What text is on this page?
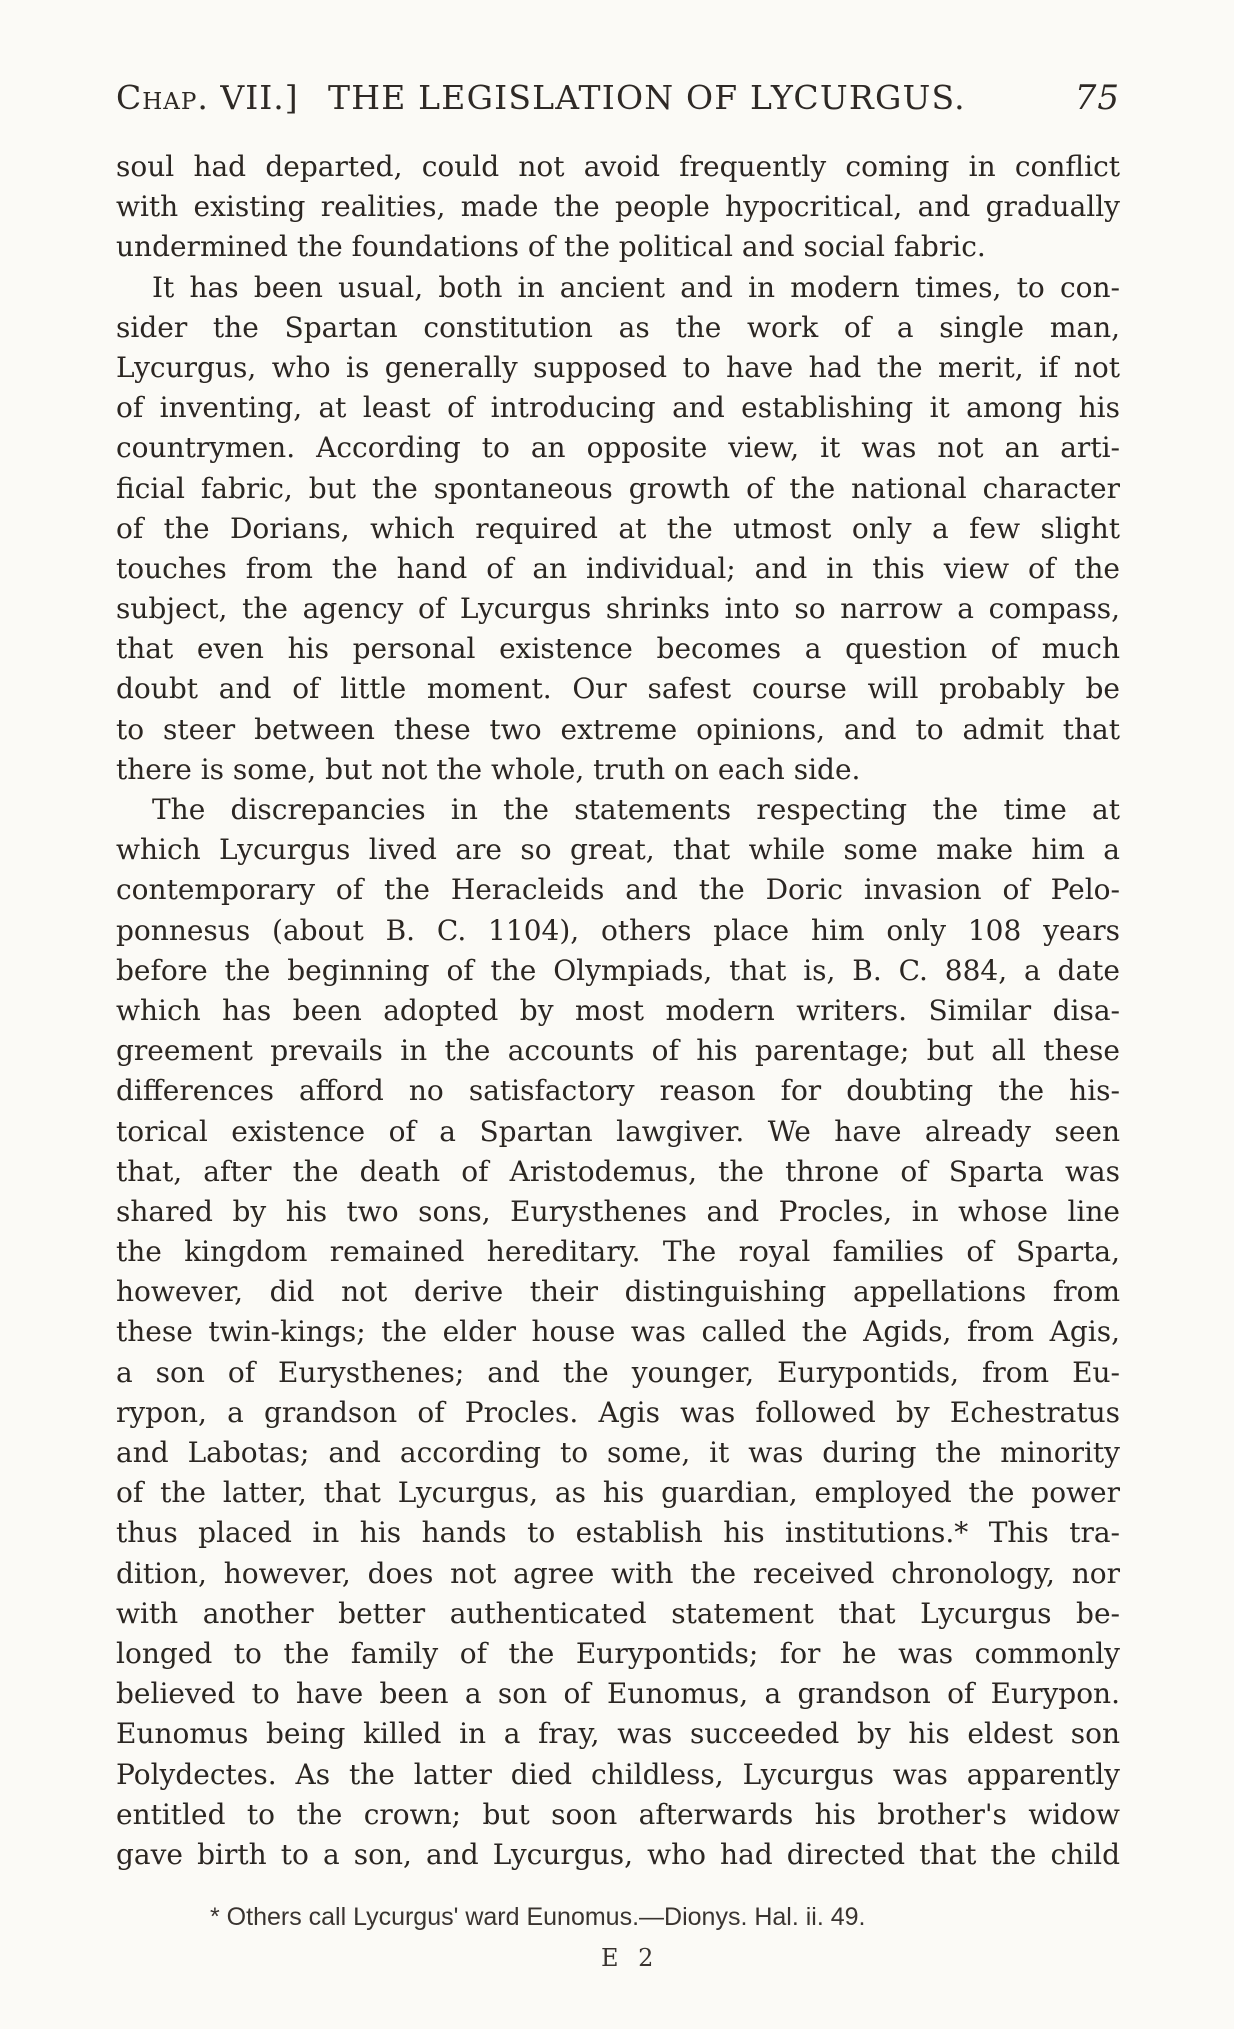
Chap. VII.] THE LEGISLATION OF LYCURGUS.	75
soul had departed, could not avoid frequently coming in conflict
with existing realities, made the people hypocritical, and gradually
undermined the foundations of the political and social fabric.
It has been usual, both in ancient and in modern times, to con-
sider the Spartan constitution as the work of a single man,
Lycurgus, who is generally supposed to have had the merit, if not
of inventing, at least of introducing and establishing it among his
countrymen. According to an opposite view, it was not an arti-
ficial fabric, but the spontaneous growth of the national character
of the Dorians, which required at the utmost only a few slight
touches from the hand of an individual; and in this view of the
subject, the agency of Lycurgus shrinks into so narrow a compass,
that even his personal existence becomes a question of much
doubt and of little moment. Our safest course will probably be
to steer between these two extreme opinions, and to admit that
there is some, but not the whole, truth on each side.
The discrepancies in the statements respecting the time at
which Lycurgus lived are so great, that while some make him a
contemporary of the Heracleids and the Doric invasion of Pelo-
ponnesus (about B. C. 1104), others place him only 108 years
before the beginning of the Olympiads, that is, B. C. 884, a date
which has been adopted by most modern writers. Similar disa-
greement prevails in the accounts of his parentage; but all these
differences afford no satisfactory reason for doubting the his-
torical existence of a Spartan lawgiver. We have already seen
that, after the death of Aristodemus, the throne of Sparta was
shared by his two sons, Eurysthenes and Procles, in whose line
the kingdom remained hereditary. The royal families of Sparta,
however, did not derive their distinguishing appellations from
these twin-kings; the elder house was called the Agids, from Agis,
a son of Eurysthenes; and the younger, Eurypontids, from Eu-
rypon, a grandson of Procles. Agis was followed by Echestratus
and Labotas; and according to some, it was during the minority
of the latter, that Lycurgus, as his guardian, employed the power
thus placed in his hands to establish his institutions.* This tra-
dition, however, does not agree with the received chronology, nor
with another better authenticated statement that Lycurgus be-
longed to the family of the Eurypontids; for he was commonly
believed to have been a son of Eunomus, a grandson of Eurypon.
Eunomus being killed in a fray, was succeeded by his eldest son
Polydectes. As the latter died childless, Lycurgus was apparently
entitled to the crown; but soon afterwards his brother's widow
gave birth to a son, and Lycurgus, who had directed that the child
* Others call Lycurgus' ward Eunomus.—Dionys. Hal. ii. 49.
E 2
